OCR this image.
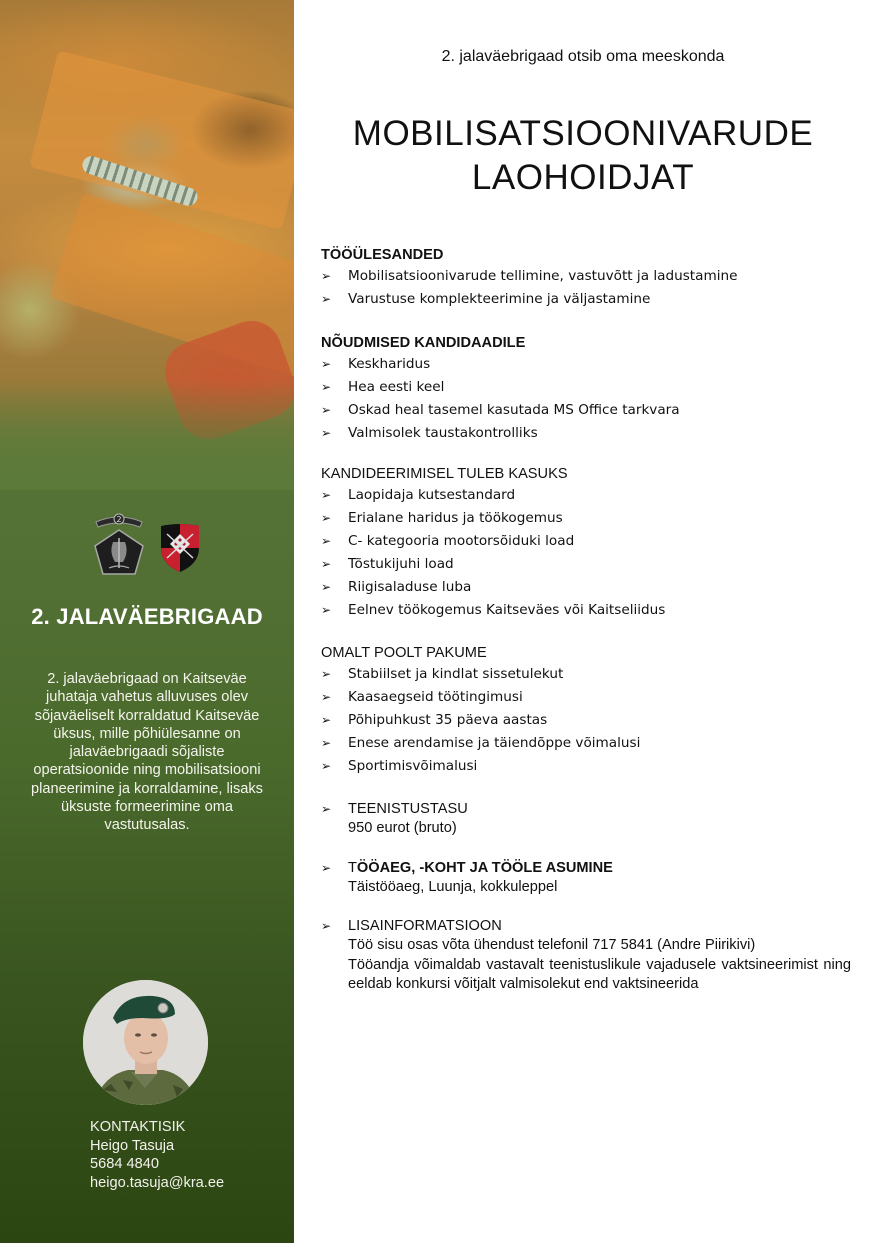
2
2. JALAVÄEBRIGAAD
2. jalaväebrigaad on Kaitseväe juhataja vahetus alluvuses olev sõjaväeliselt korraldatud Kaitseväe üksus, mille põhiülesanne on jalaväebrigaadi sõjaliste operatsioonide ning mobilisatsiooni planeerimine ja korraldamine, lisaks üksuste formeerimine oma vastutusalas.
KONTAKTISIK
Heigo Tasuja
5684 4840
heigo.tasuja@kra.ee
2. jalaväebrigaad otsib oma meeskonda
MOBILISATSIOONIVARUDE
LAOHOIDJAT
TÖÖÜLESANDED
➢ Mobilisatsioonivarude tellimine, vastuvõtt ja ladustamine
➢ Varustuse komplekteerimine ja väljastamine
NÕUDMISED KANDIDAADILE
➢ Keskharidus
➢ Hea eesti keel
➢ Oskad heal tasemel kasutada MS Office tarkvara
➢ Valmisolek taustakontrolliks
KANDIDEERIMISEL TULEB KASUKS
➢ Laopidaja kutsestandard
➢ Erialane haridus ja töökogemus
➢ C- kategooria mootorsõiduki load
➢ Tõstukijuhi load
➢ Riigisaladuse luba
➢ Eelnev töökogemus Kaitseväes või Kaitseliidus
OMALT POOLT PAKUME
➢ Stabiilset ja kindlat sissetulekut
➢ Kaasaegseid töötingimusi
➢ Põhipuhkust 35 päeva aastas
➢ Enese arendamise ja täiendõppe võimalusi
➢ Sportimisvõimalusi
➢ TEENISTUSTASU
950 eurot (bruto)
➢ TÖÖAEG, -KOHT JA TÖÖLE ASUMINE
Täistööaeg, Luunja, kokkuleppel
➢ LISAINFORMATSIOON
Töö sisu osas võta ühendust telefonil 717 5841 (Andre Piirikivi)
Tööandja võimaldab vastavalt teenistuslikule vajadusele vaktsineerimist ning eeldab konkursi võitjalt valmisolekut end vaktsineerida
